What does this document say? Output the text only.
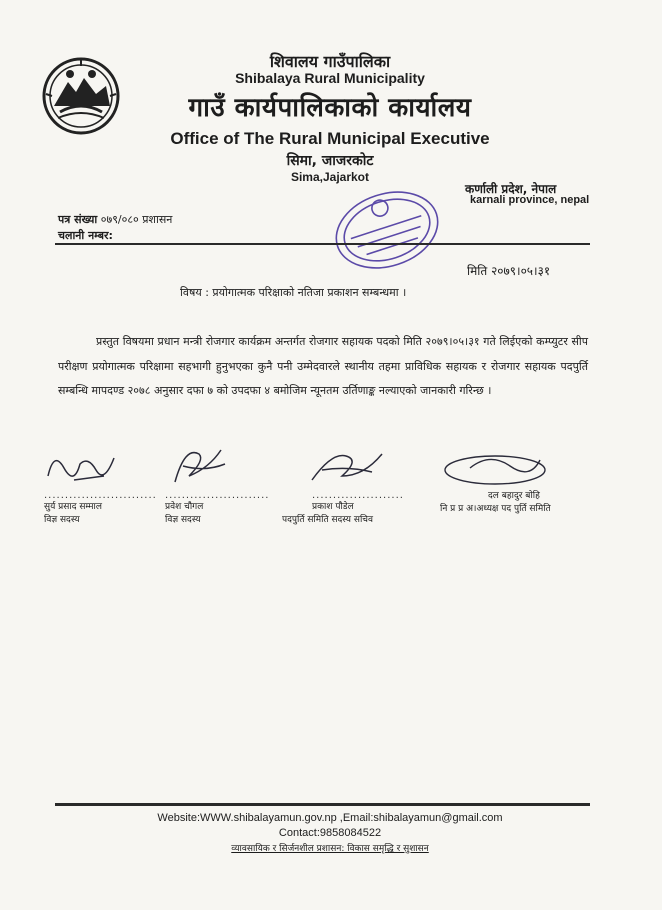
शिवालय गाउँपालिका
Shibalaya Rural Municipality
गाउँ कार्यपालिकाको कार्यालय
Office of The Rural Municipal Executive
सिमा, जाजरकोट
Sima,Jajarkot
कर्णाली प्रदेश, नेपाल
karnali province, nepal
पत्र संख्या ०७९/०८० प्रशासन
चलानी नम्बर:
मिति २०७९।०५।३१
विषय : प्रयोगात्मक परिक्षाको नतिजा प्रकाशन सम्बन्धमा ।
प्रस्तुत विषयमा प्रधान मन्त्री रोजगार कार्यक्रम अन्तर्गत रोजगार सहायक पदको मिति २०७९।०५।३१ गते लिईएको कम्प्युटर सीप परीक्षण प्रयोगात्मक परिक्षामा सहभागी हुनुभएका कुनै पनी उम्मेदवारले स्थानीय तहमा प्राविधिक सहायक र रोजगार सहायक पदपुर्ति सम्बन्धि मापदण्ड २०७८ अनुसार दफा ७ को उपदफा ४ बमोजिम न्यूनतम उर्तिणाङ्क नल्याएको जानकारी गरिन्छ ।
...........................
सुर्य प्रसाद सम्माल
विज्ञ सदस्य
.........................
प्रवेश चौगल
विज्ञ सदस्य
......................
प्रकाश पौडेल
पदपुर्ति समिति सदस्य सचिव
दल बहादुर बोहि
नि प्र प्र अ।अध्यक्ष पद पुर्ति समिति
Website:WWW.shibalayamun.gov.np ,Email:shibalayamun@gmail.com
Contact:9858084522
व्यावसायिक र सिर्जनशील प्रशासन: विकास समृद्धि र सुशासन
